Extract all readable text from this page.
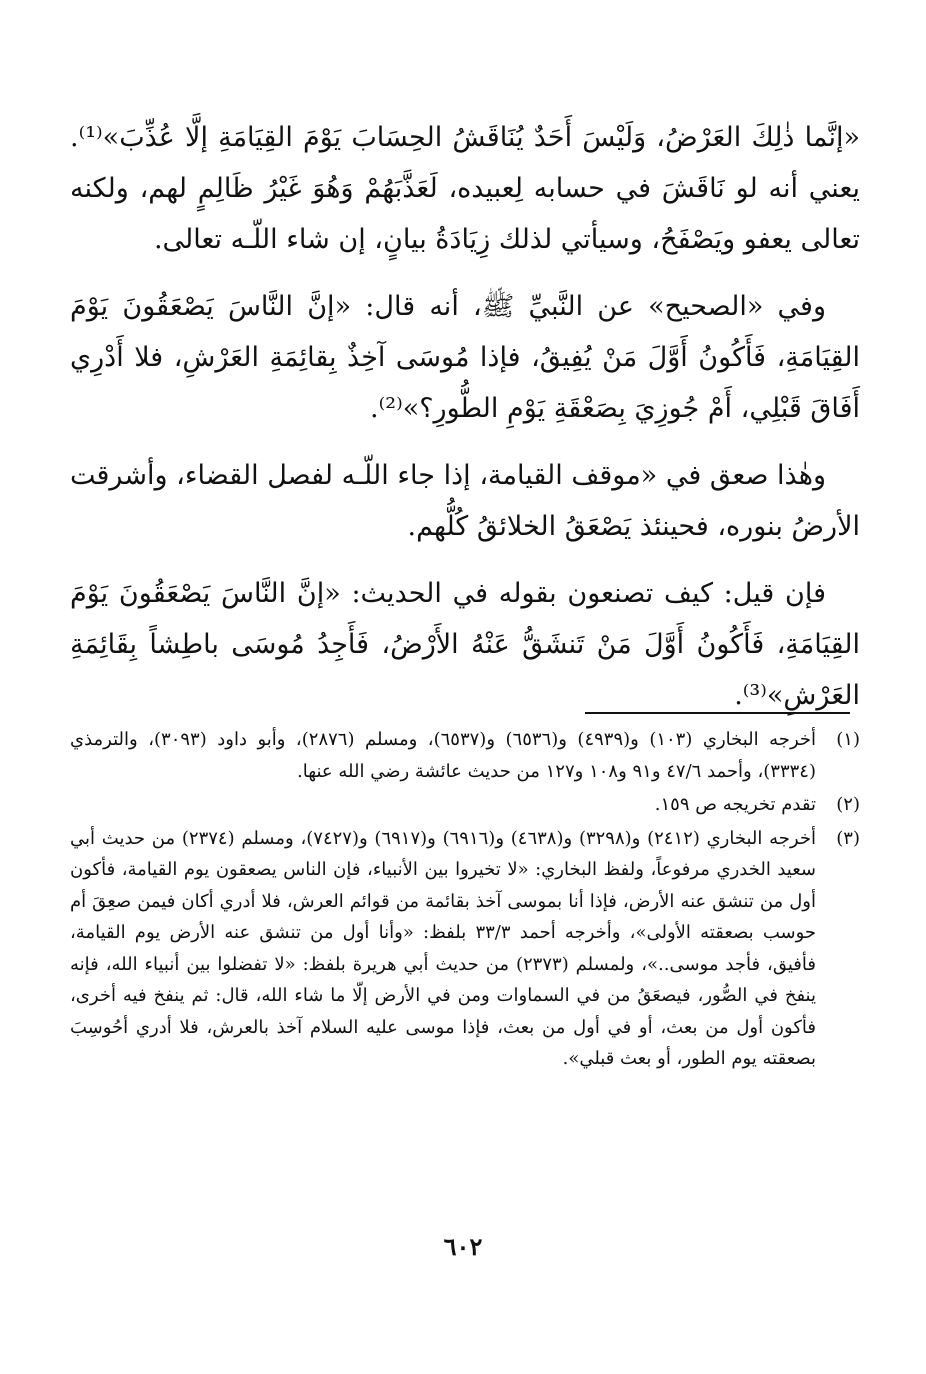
«إنَّما ذٰلِكَ العَرْضُ، وَلَيْسَ أَحَدٌ يُنَاقَشُ الحِسَابَ يَوْمَ القِيَامَةِ إلَّا عُذِّبَ»⁽¹⁾. يعني أنه لو نَاقَشَ في حسابه لِعبيده، لَعَذَّبَهُمْ وَهُوَ غَيْرُ ظَالِمٍ لهم، ولكنه تعالى يعفو ويَصْفَحُ، وسيأتي لذلك زِيَادَةُ بيانٍ، إن شاء اللّـه تعالى.

وفي «الصحيح» عن النَّبيِّ ﷺ، أنه قال: «إنَّ النَّاسَ يَصْعَقُونَ يَوْمَ القِيَامَةِ، فَأَكُونُ أَوَّلَ مَنْ يُفِيقُ، فإذا مُوسَى آخِذٌ بِقائِمَةِ العَرْشِ، فلا أَدْرِي أَفَاقَ قَبْلِي، أَمْ جُوزِيَ بِصَعْقَةِ يَوْمِ الطُّورِ؟»⁽²⁾.

وهٰذا صعق في «موقف القيامة، إذا جاء اللّـه لفصل القضاء، وأشرقت الأرضُ بنوره، فحينئذ يَصْعَقُ الخلائقُ كُلُّهم.

فإن قيل: كيف تصنعون بقوله في الحديث: «إنَّ النَّاسَ يَصْعَقُونَ يَوْمَ القِيَامَةِ، فَأَكُونُ أَوَّلَ مَنْ تَنشَقُّ عَنْهُ الأَرْضُ، فَأَجِدُ مُوسَى باطِشاً بِقَائِمَةِ العَرْشِ»⁽³⁾.

(١)
أخرجه البخاري (١٠٣) و(٤٩٣٩) و(٦٥٣٦) و(٦٥٣٧)، ومسلم (٢٨٧٦)، وأبو داود (٣٠٩٣)، والترمذي (٣٣٣٤)، وأحمد ٤٧/٦ و٩١ و١٠٨ و١٢٧ من حديث عائشة رضي الله عنها.
(٢)
تقدم تخريجه ص ١٥٩.
(٣)
أخرجه البخاري (٢٤١٢) و(٣٢٩٨) و(٤٦٣٨) و(٦٩١٦) و(٦٩١٧) و(٧٤٢٧)، ومسلم (٢٣٧٤) من حديث أبي سعيد الخدري مرفوعاً، ولفظ البخاري: «لا تخيروا بين الأنبياء، فإن الناس يصعقون يوم القيامة، فأكون أول من تنشق عنه الأرض، فإذا أنا بموسى آخذ بقائمة من قوائم العرش، فلا أدري أكان فيمن صعِقَ أم حوسب بصعقته الأولى»، وأخرجه أحمد ٣٣/٣ بلفظ: «وأنا أول من تنشق عنه الأرض يوم القيامة، فأفيق، فأجد موسى..»، ولمسلم (٢٣٧٣) من حديث أبي هريرة بلفظ: «لا تفضلوا بين أنبياء الله، فإنه ينفخ في الصُّور، فيصعَقُ من في السماوات ومن في الأرض إلّا ما شاء الله، قال: ثم ينفخ فيه أخرى، فأكون أول من بعث، أو في أول من بعث، فإذا موسى عليه السلام آخذ بالعرش، فلا أدري أحُوسِبَ بصعقته يوم الطور، أو بعث قبلي».
٦٠٢
